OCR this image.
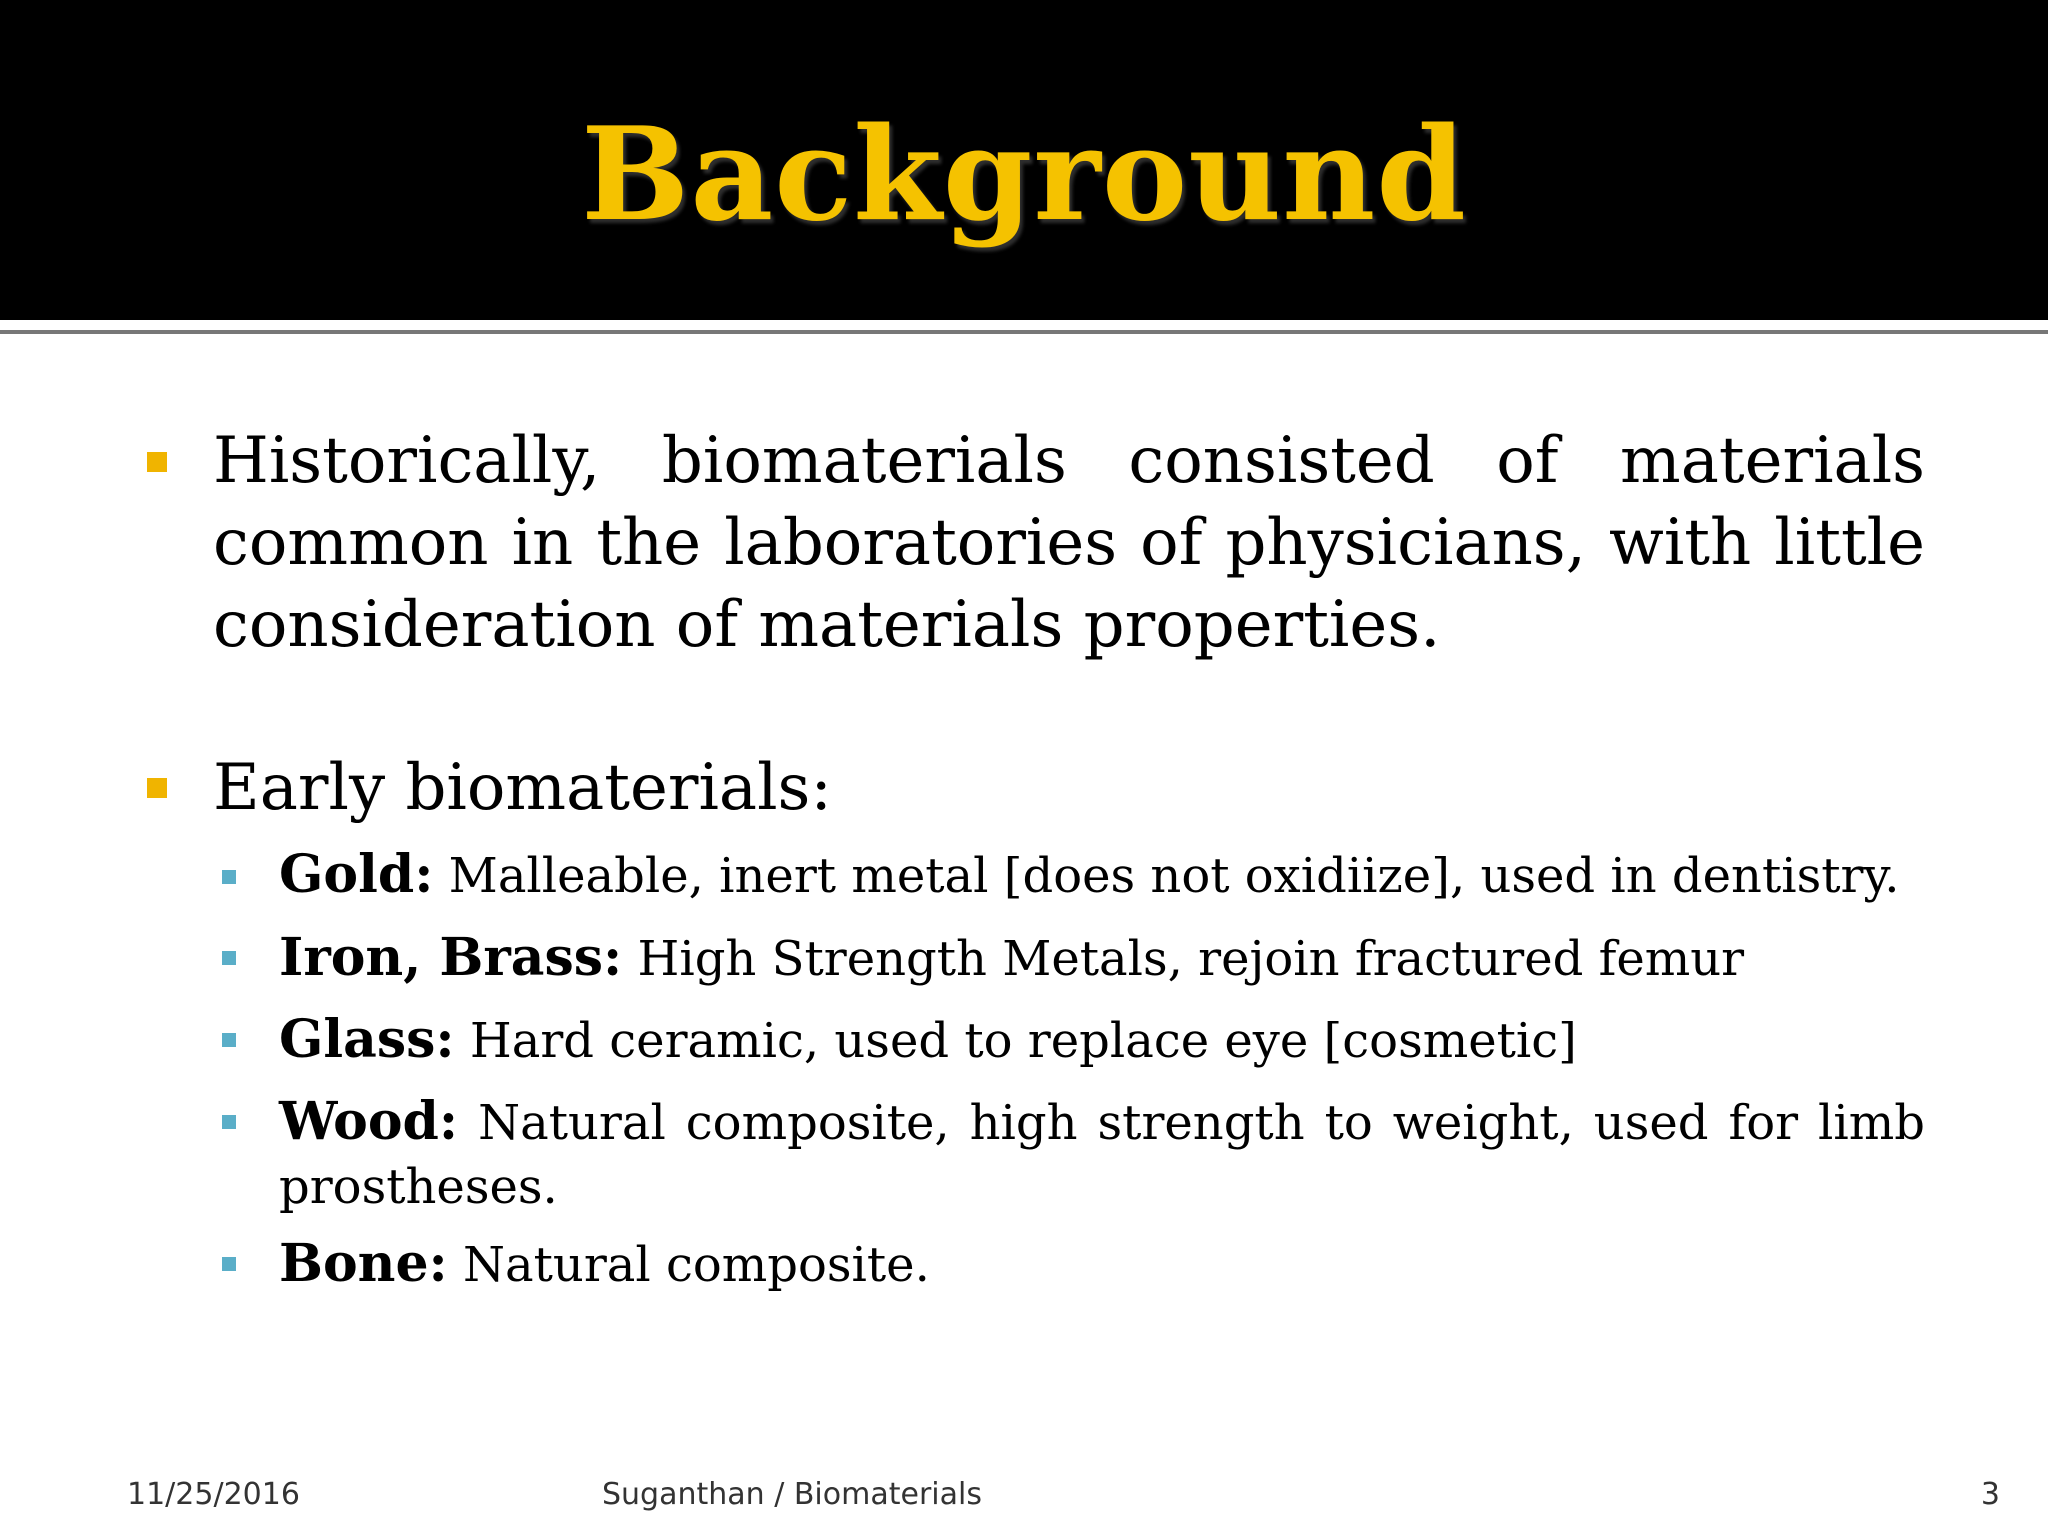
Background
Historically, biomaterials consisted of materials common in the laboratories of physicians, with little consideration of materials properties.
Early biomaterials:
Gold: Malleable, inert metal [does not oxidiize], used in dentistry.
Iron, Brass: High Strength Metals, rejoin fractured femur
Glass: Hard ceramic, used to replace eye [cosmetic]
Wood: Natural composite, high strength to weight, used for limb prostheses.
Bone: Natural composite.
11/25/2016	Suganthan / Biomaterials	3
